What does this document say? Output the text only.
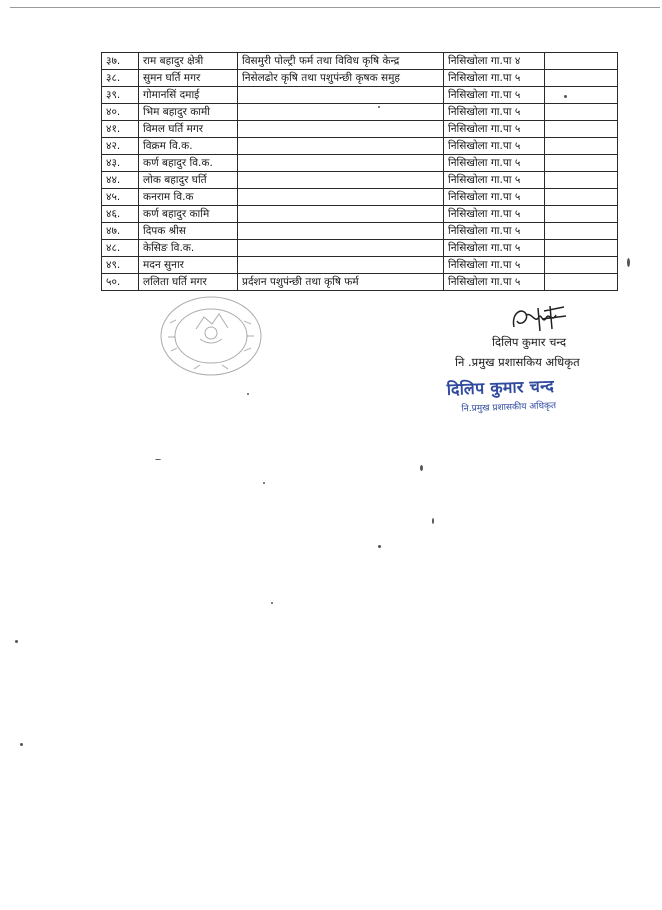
३७.	राम बहादुर क्षेत्री	विसमुरी पोल्ट्री फर्म तथा विविध कृषि केन्द्र	निसिखोला गा.पा ४	
३८.	सुमन घर्ति मगर	निसेलढोर कृषि तथा पशुपंन्छी कृषक समुह	निसिखोला गा.पा ५	
३९.	गोमानसिं दमाई		निसिखोला गा.पा ५	
४०.	भिम बहादुर कामी		निसिखोला गा.पा ५	
४१.	विमल घर्ति मगर		निसिखोला गा.पा ५	
४२.	विक्रम वि.क.		निसिखोला गा.पा ५	
४३.	कर्ण बहादुर वि.क.		निसिखोला गा.पा ५	
४४.	लोक बहादुर घर्ति		निसिखोला गा.पा ५	
४५.	कनराम वि.क		निसिखोला गा.पा ५	
४६.	कर्ण बहादुर कामि		निसिखोला गा.पा ५	
४७.	दिपक श्रीस		निसिखोला गा.पा ५	
४८.	केसिङ वि.क.		निसिखोला गा.पा ५	
४९.	मदन सुनार		निसिखोला गा.पा ५	
५०.	ललिता घर्ति मगर	प्रर्दशन पशुपंन्छी तथा कृषि फर्म	निसिखोला गा.पा ५	
दिलिप कुमार चन्द
नि .प्रमुख प्रशासकिय अधिकृत
दिलिप कुमार चन्द
नि.प्रमुख प्रशासकीय अधिकृत
